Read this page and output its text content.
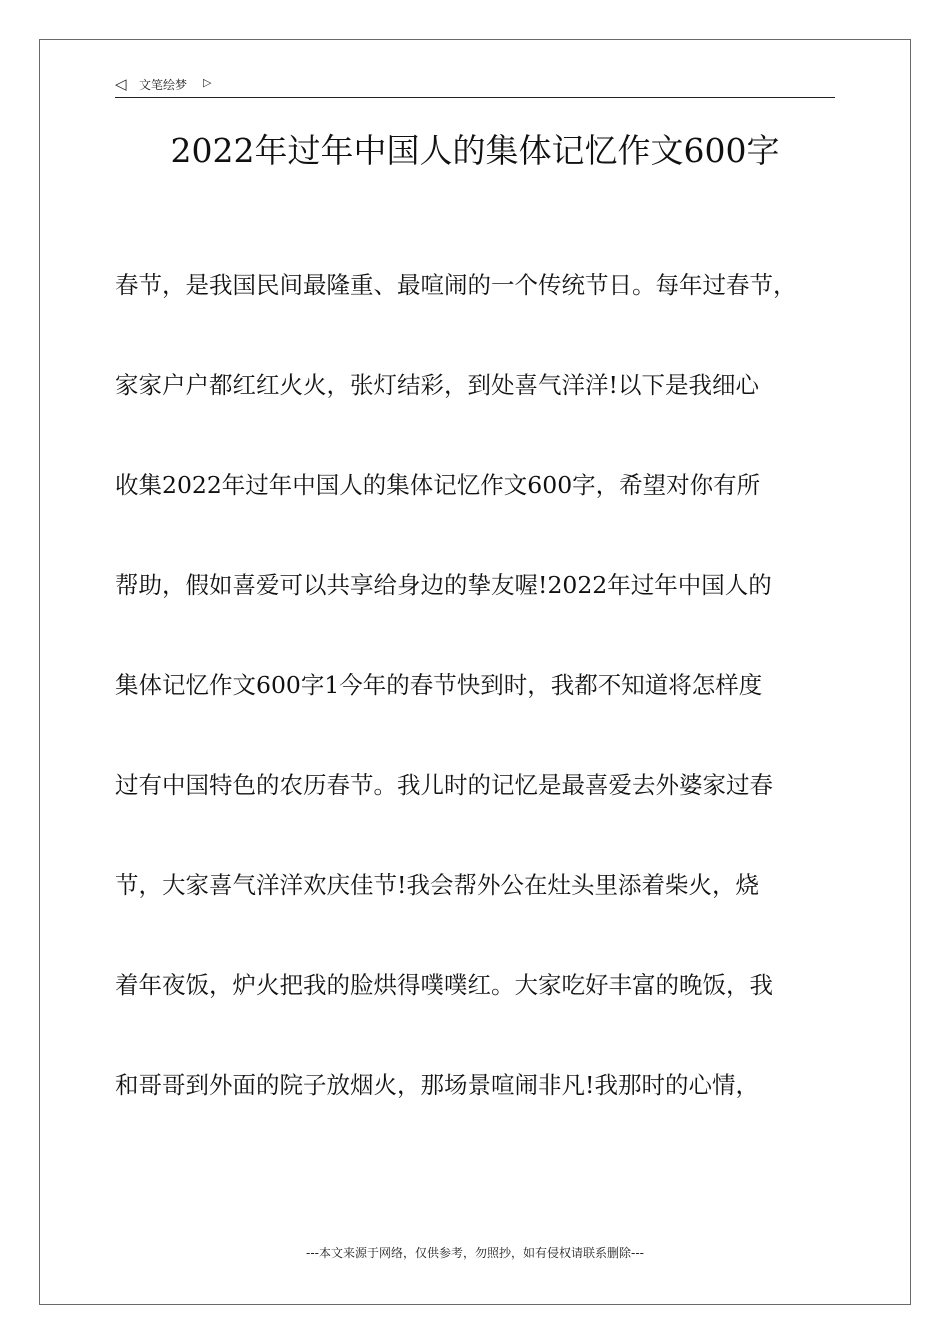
◁ 文笔绘梦 ▷
2022年过年中国人的集体记忆作文600字
春节，是我国民间最隆重、最喧闹的一个传统节日。每年过春节，
家家户户都红红火火，张灯结彩，到处喜气洋洋!以下是我细心
收集2022年过年中国人的集体记忆作文600字，希望对你有所
帮助，假如喜爱可以共享给身边的挚友喔!2022年过年中国人的
集体记忆作文600字1今年的春节快到时，我都不知道将怎样度
过有中国特色的农历春节。我儿时的记忆是最喜爱去外婆家过春
节，大家喜气洋洋欢庆佳节!我会帮外公在灶头里添着柴火，烧
着年夜饭，炉火把我的脸烘得噗噗红。大家吃好丰富的晚饭，我
和哥哥到外面的院子放烟火，那场景喧闹非凡!我那时的心情，
---本文来源于网络，仅供参考，勿照抄，如有侵权请联系删除---
